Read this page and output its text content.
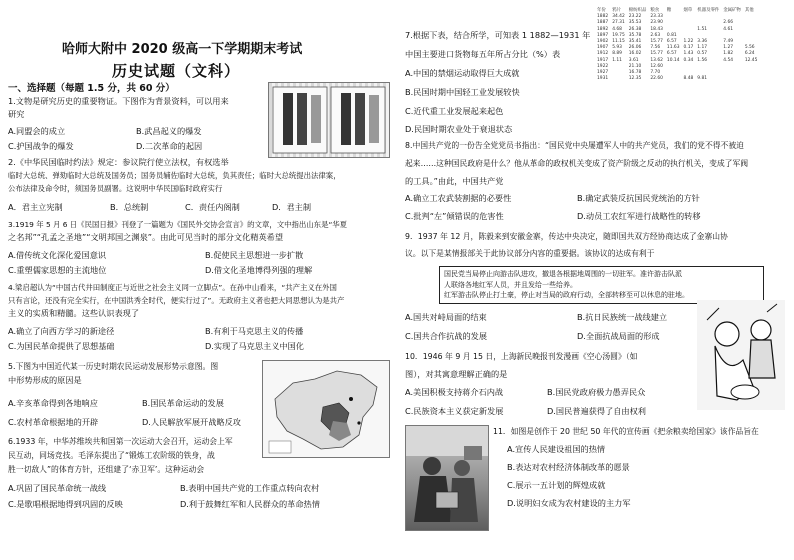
哈师大附中 2020 级高一下学期期末考试
历史试题（文科）
一、选择题（每题 1.5 分，共 60 分）
1.文物是研究历史的重要物证。下图作为背景资料，可以用来
研究
A.同盟会的成立	B.武昌起义的爆发
C.护国战争的爆发	D.二次革命的起因
2.《中华民国临时约法》规定：参议院行使立法权，有权选举
临时大总统、弹劾临时大总统及国务员；国务员辅佐临时大总统，负其责任；临时大总统提出法律案，
公布法律及命令时，须国务员副署。这说明中华民国临时政府实行
A．君主立宪制	B．总统制	C．责任内阁制	D．君主制
3.1919 年 5 月 6 日《民国日报》刊登了一篇题为《国民外交协会宣言》的文章，文中指出山东是“华夏
之名邦”“孔孟之圣地”“文明邦国之渊泉”。由此可见当时的部分文化精英希望
A.借传统文化深化爱国意识	B.促使民主思想进一步扩散
C.重塑儒家思想的主流地位	D.借文化圣地博得列强的理解
4.梁启超认为“中国古代井田制度正与近世之社会主义同一立脚点”。在孙中山看来，“共产主义在外国
只有言论，还没有完全实行，在中国洪秀全时代，便实行过了”。无政府主义者也把大同思想认为是共产
主义的实质和精髓。这些认识表现了
A.确立了向西方学习的新途径	B.有利于马克思主义的传播
C.为国民革命提供了思想基础	D.实现了马克思主义中国化
5.下图为中国近代某一历史时期农民运动发展形势示意图。图
中形势形成的原因是
A.辛亥革命得到各地响应	B.国民革命运动的发展
C.农村革命根据地的开辟	D.人民解放军展开战略反攻
6.1933 年，中华苏维埃共和国第一次运动大会召开，运动会上军
民互动，同场竞技。毛泽东提出了“锻炼工农阶级的铁身，战
胜一切敌人”的体育方针，还组建了‘赤卫军’。这种运动会
A.巩固了国民革命统一战线	B.表明中国共产党的工作重点转向农村
C.是歌唱根据地得到巩固的反映	D.利于鼓舞红军和人民群众的革命热情
7.根据下表，结合所学，可知表 1 1882—1931 年
中国主要进口货物每五年所占分比（%）表
年份	鸦片	棉纺织品	粮食	糖	烟草	机器及零件	金属矿物	其他
1882	34.42	23.22	23.33					
1887	27.31	35.53	23.90				2.66	
1892	4.68	26.38	18.43			1.51	4.61	
1897	19.75	35.78	2.63	0.81				
1902	11.15	35.41	15.77	6.57	1.22	3.36	7.49	
1907	5.93	26.06	7.56	11.63	0.17	1.17	1.27	5.56
1912	8.89	16.02	15.77	6.57	1.43	0.57	1.82	6.24
1917	1.11	3.61	13.62	10.14	0.34	1.56	4.54	12.45
1922		21.10	12.60					
1927		16.78	7.70					
1931		12.35	22.60		8.48	9.81		
A.中国的禁烟运动取得巨大成就
B.民国时期中国轻工业发展较快
C.近代重工业发展起来起色
D.民国时期农业处于衰退状态
8.中国共产党的一份告全党党员书指出：“国民党中央屡遭军人中的共产党员，我们的党不得不被迫
起来……这种国民政府是什么？他从革命的政权机关变成了资产阶级之反动的执行机关，变成了军阀
的工具。”由此，中国共产党
A.确立工农武装割据的必要性	B.确定武装反抗国民党统治的方针
C.批判“左”倾错误的危害性	D.动员工农红军进行战略性的转移
9．1937 年 12 月，陈毅来到安徽金寨，传达中央决定，随即国共双方经协商达成了金寨山协
议。以下是某情报部关于此协议部分内容的重要据。该协议的达成有利于
国民党当局停止向游击队进攻，撤退各根据地周围的一切驻军。准许游击队派
人联络各地红军人员，并且发给一些给养。
红军游击队停止打土豪，停止对当局的政府行动，全部转移至可以休息的驻地。
A.国共对峙局面的结束	B.抗日民族统一战线建立
C.国共合作抗战的发展	D.全面抗战局面的形成
10．1946 年 9 月 15 日，上海新民晚报刊发漫画《空心汤圆》（如
图），对其寓意理解正确的是
A.美国积极支持蒋介石内战	B.国民党政府极力愚弄民众
C.民族资本主义获定新发展	D.国民普遍获得了自由权利
11．如图是创作于 20 世纪 50 年代的宣传画《把余粮卖给国家》该作品旨在
A.宣传人民建设祖国的热情
B.表达对农村经济体制改革的愿景
C.展示一五计划的辉煌成就
D.说明妇女成为农村建设的主力军
